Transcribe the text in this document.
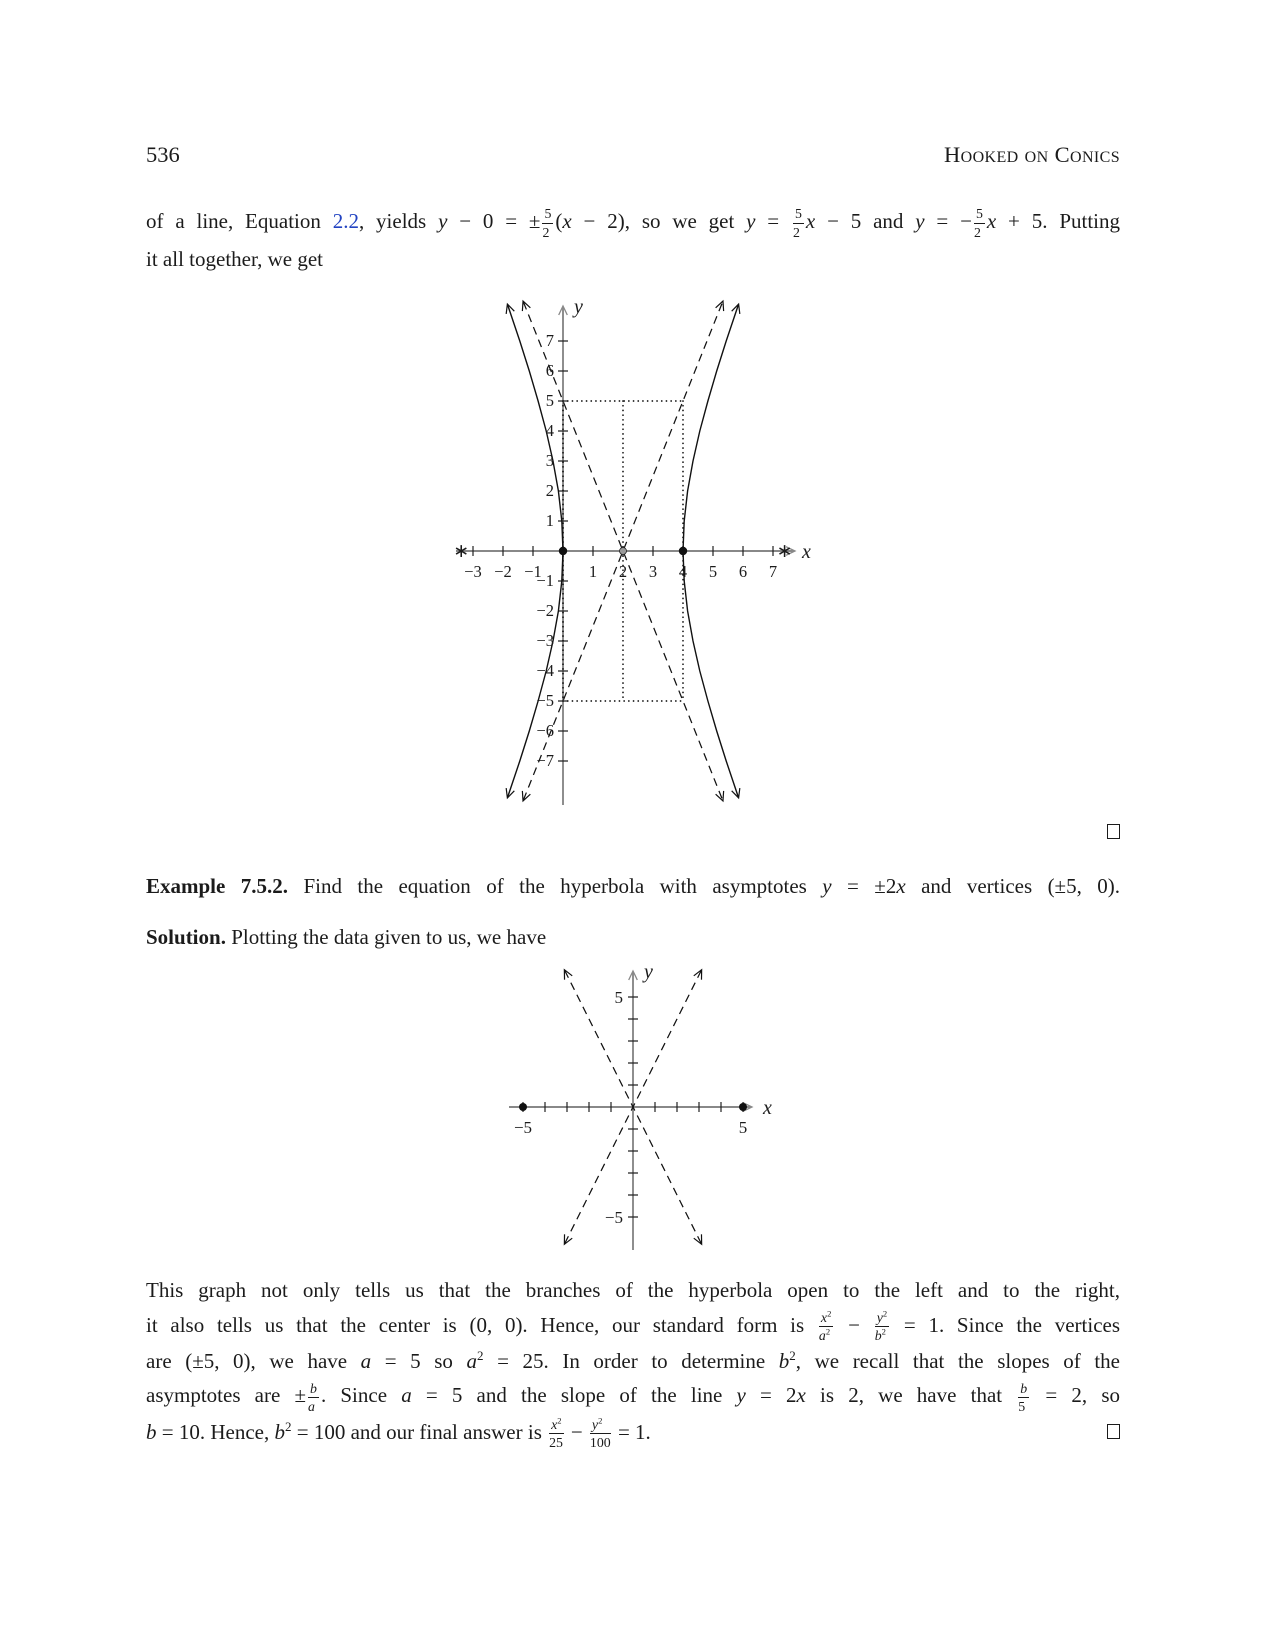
536	Hooked on Conics

of a line, Equation 2.2, yields y − 0 = ± $\frac{5}{2} (x - 2)$, so we get $y = \frac{5}{2}$ x − 5 and y = − $\frac{5}{2}$ x + 5. Putting
it all together, we get

∗	∗ x
y
−3 −2 −1	1 2 3 4 5 6 7
7
6
5
4
3
2
1
−1
−2
−3
−4
−5
−6
−7

Example 7.5.2. Find the equation of the hyperbola with asymptotes y = ±2x and vertices (±5, 0).

Solution. Plotting the data given to us, we have

x
y
−5	5
5
−5

This graph not only tells us that the branches of the hyperbola open to the left and to the right,
it also tells us that the center is (0, 0). Hence, our standard form is $\frac{x^2}{a^2} - \frac{y^2}{b^2} = 1$. Since the vertices
are (±5, 0), we have a = 5 so $a^2 = 25$. In order to determine $b^2$, we recall that the slopes of the
asymptotes are ± $\frac{b}{a}$ . Since a = 5 and the slope of the line y = 2x is 2, we have that $\frac{b}{5} = 2$, so
b = 10. Hence, $b^2 = 100$ and our final answer is $\frac{x^2}{25} - \frac{y^2}{100} = 1$.
